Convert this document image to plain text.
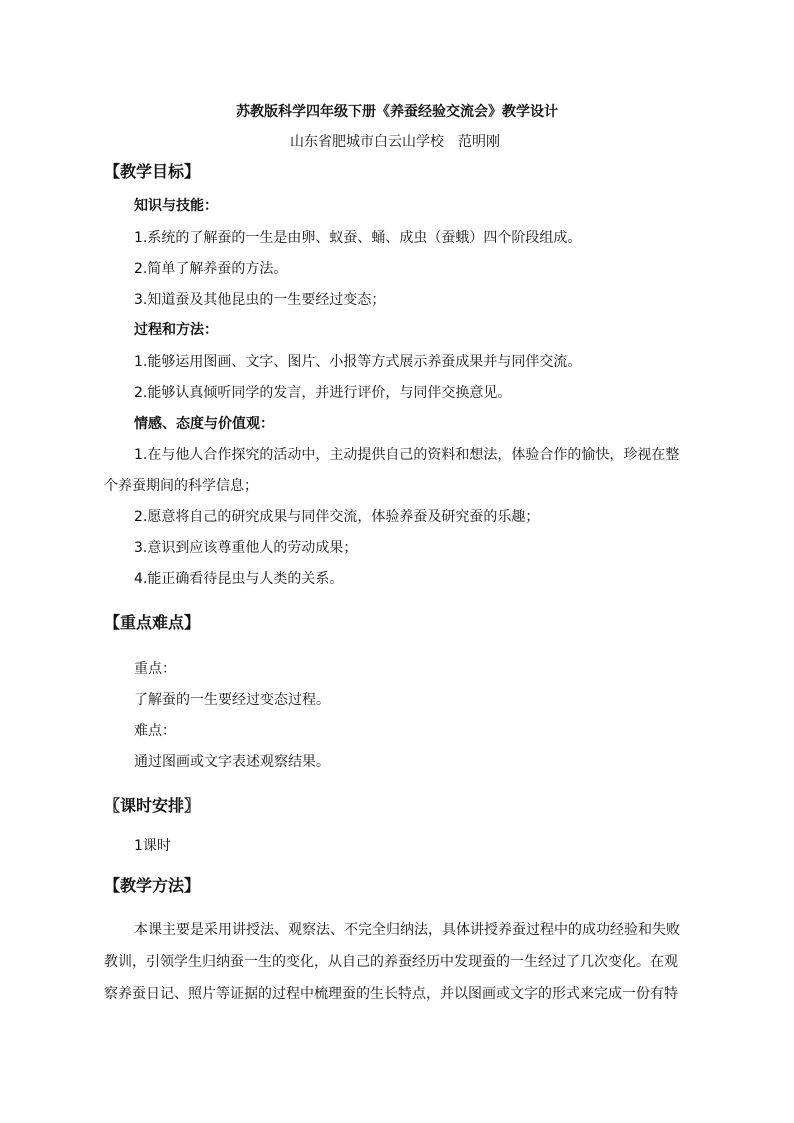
苏教版科学四年级下册《养蚕经验交流会》教学设计
山东省肥城市白云山学校　范明刚
【教学目标】
知识与技能：
1.系统的了解蚕的一生是由卵、蚁蚕、蛹、成虫（蚕蛾）四个阶段组成。
2.简单了解养蚕的方法。
3.知道蚕及其他昆虫的一生要经过变态；
过程和方法：
1.能够运用图画、文字、图片、小报等方式展示养蚕成果并与同伴交流。
2.能够认真倾听同学的发言，并进行评价，与同伴交换意见。
情感、态度与价值观：
1.在与他人合作探究的活动中，主动提供自己的资料和想法，体验合作的愉快，珍视在整
个养蚕期间的科学信息；
2.愿意将自己的研究成果与同伴交流，体验养蚕及研究蚕的乐趣；
3.意识到应该尊重他人的劳动成果；
4.能正确看待昆虫与人类的关系。
【重点难点】
重点：
了解蚕的一生要经过变态过程。
难点：
通过图画或文字表述观察结果。
〖课时安排〗
1课时
【教学方法】
本课主要是采用讲授法、观察法、不完全归纳法，具体讲授养蚕过程中的成功经验和失败
教训，引领学生归纳蚕一生的变化，从自己的养蚕经历中发现蚕的一生经过了几次变化。在观
察养蚕日记、照片等证据的过程中梳理蚕的生长特点，并以图画或文字的形式来完成一份有特
